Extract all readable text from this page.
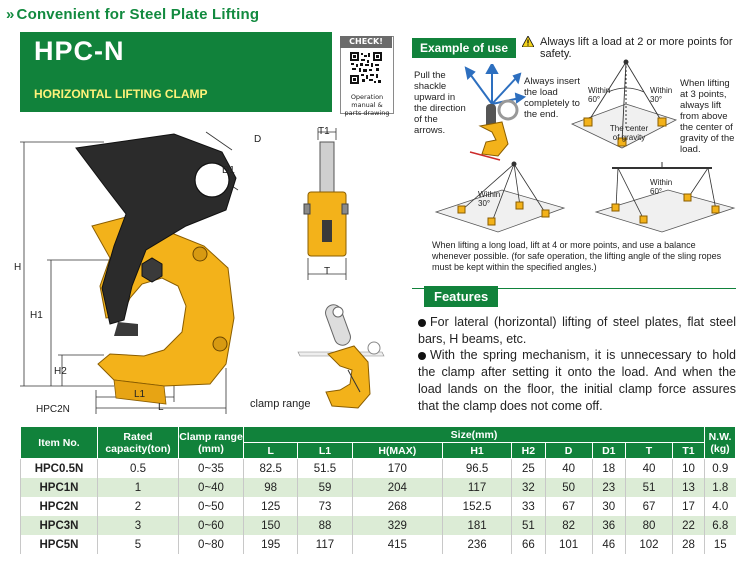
» Convenient for Steel Plate Lifting
HPC-N
HORIZONTAL LIFTING CLAMP
CHECK!
Operation manual & parts drawing
D
D1
H
H1
H2
L1
L
HPC2N
T1
T
clamp range
Example of use	Always lift a load at 2 or more points for safety.
Pull the shackle upward in the direction of the arrows.
Always insert the load completely to the end.
When lifting at 3 points, always lift from above the center of gravity of the load.
Within 60°
Within 30°
The center of gravity
Within 30°
Within 60°
When lifting a long load, lift at 4 or more points, and use a balance whenever possible. (for safe operation, the lifting angle of the sling ropes must be kept within the specified angles.)
Features
For lateral (horizontal) lifting of steel plates, flat steel bars, H beams, etc.
With the spring mechanism, it is unnecessary to hold the clamp after setting it onto the load. And when the load lands on the floor, the initial clamp force assures that the clamp does not come off.
Item No.	Rated capacity(ton)	Clamp range (mm)	Size(mm)									N.W. (kg)
			L	L1	H(MAX)	H1	H2	D	D1	T	T1	
HPC0.5N	0.5	0~35	82.5	51.5	170	96.5	25	40	18	40	10	0.9
HPC1N	1	0~40	98	59	204	117	32	50	23	51	13	1.8
HPC2N	2	0~50	125	73	268	152.5	33	67	30	67	17	4.0
HPC3N	3	0~60	150	88	329	181	51	82	36	80	22	6.8
HPC5N	5	0~80	195	117	415	236	66	101	46	102	28	15
